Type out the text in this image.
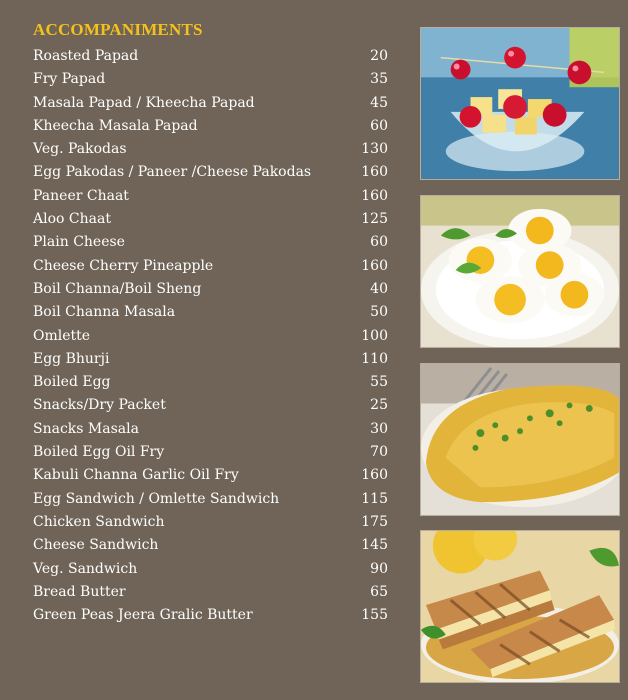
ACCOMPANIMENTS
Roasted Papad	20
Fry Papad	35
Masala Papad / Kheecha Papad	45
Kheecha Masala Papad	60
Veg. Pakodas	130
Egg Pakodas / Paneer /Cheese Pakodas	160
Paneer Chaat	160
Aloo Chaat	125
Plain Cheese	60
Cheese Cherry Pineapple	160
Boil Channa/Boil Sheng	40
Boil Channa Masala	50
Omlette	100
Egg Bhurji	110
Boiled Egg	55
Snacks/Dry Packet	25
Snacks Masala	30
Boiled Egg Oil Fry	70
Kabuli Channa Garlic Oil Fry	160
Egg Sandwich / Omlette Sandwich	115
Chicken Sandwich	175
Cheese Sandwich	145
Veg. Sandwich	90
Bread Butter	65
Green Peas Jeera Gralic Butter	155
